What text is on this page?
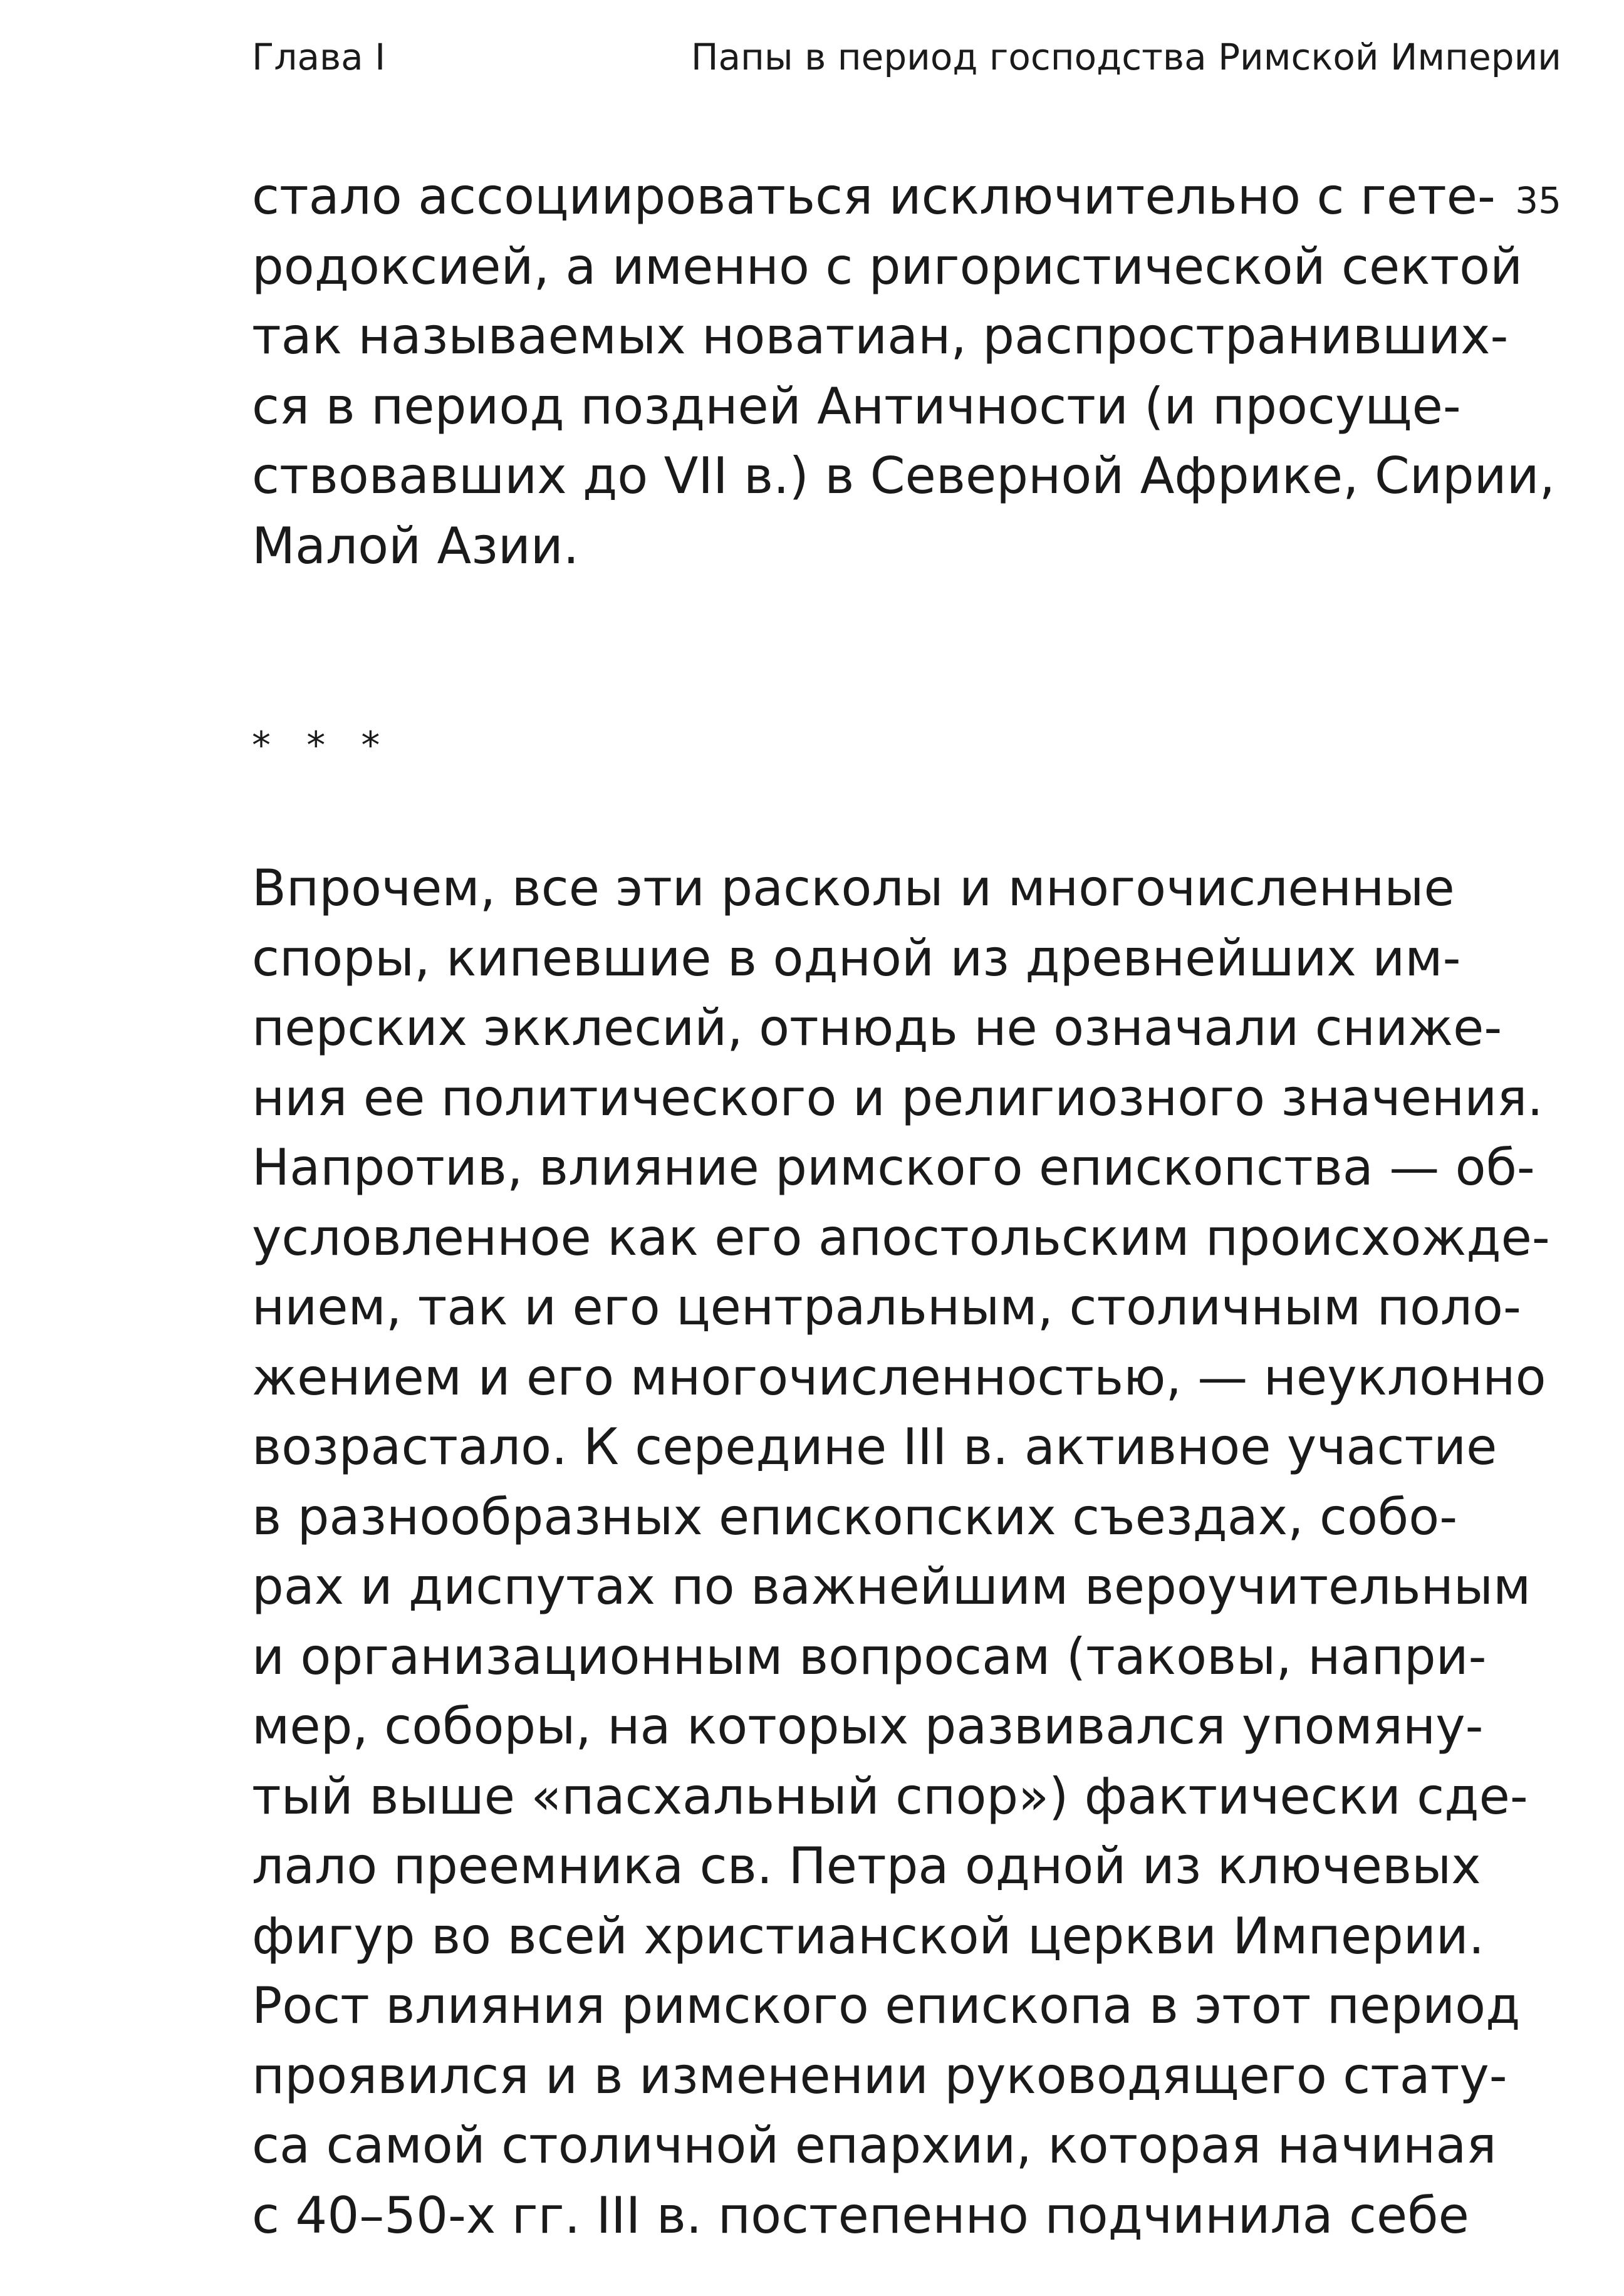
Глава I	Папы в период господства Римской Империи
35
стало ассоциироваться исключительно с гете-
родоксией, а именно с ригористической сектой
так называемых новатиан, распространивших-
ся в период поздней Античности (и просуще-
ствовавших до VII в.) в Северной Африке, Сирии,
Малой Азии.
*   *   *
Впрочем, все эти расколы и многочисленные
споры, кипевшие в одной из древнейших им-
перских экклесий, отнюдь не означали сниже-
ния ее политического и религиозного значения.
Напротив, влияние римского епископства — об-
условленное как его апостольским происхожде-
нием, так и его центральным, столичным поло-
жением и его многочисленностью, — неуклонно
возрастало. К середине III в. активное участие
в разнообразных епископских съездах, собо-
рах и диспутах по важнейшим вероучительным
и организационным вопросам (таковы, напри-
мер, соборы, на которых развивался упомяну-
тый выше «пасхальный спор») фактически сде-
лало преемника св. Петра одной из ключевых
фигур во всей христианской церкви Империи.
Рост влияния римского епископа в этот период
проявился и в изменении руководящего стату-
са самой столичной епархии, которая начиная
с 40–50-х гг. III в. постепенно подчинила себе
